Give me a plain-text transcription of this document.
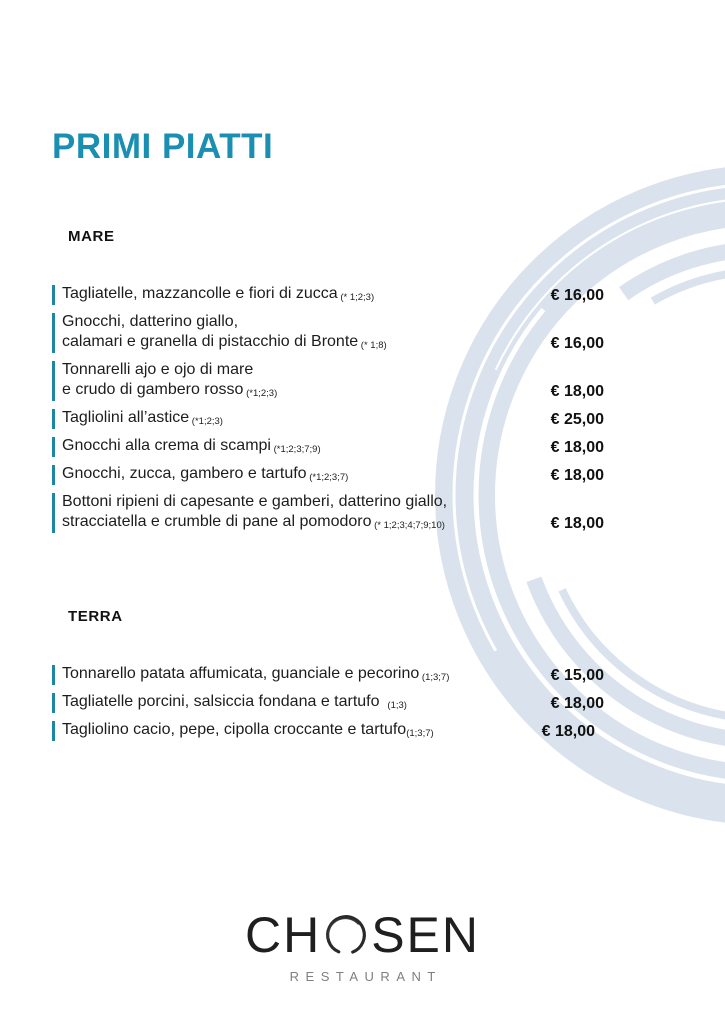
PRIMI PIATTI
MARE
Tagliatelle, mazzancolle e fiori di zucca (* 1;2;3)	€ 16,00
Gnocchi, datterino giallo,
calamari e granella di pistacchio di Bronte (* 1;8)	€ 16,00
Tonnarelli ajo e ojo di mare
e crudo di gambero rosso (*1;2;3)	€ 18,00
Tagliolini all’astice (*1;2;3)	€ 25,00
Gnocchi alla crema di scampi (*1;2;3;7;9)	€ 18,00
Gnocchi, zucca, gambero e tartufo (*1;2;3;7)	€ 18,00
Bottoni ripieni di capesante e gamberi, datterino giallo,
stracciatella e crumble di pane al pomodoro (* 1;2;3;4;7;9;10)	€ 18,00
TERRA
Tonnarello patata affumicata, guanciale e pecorino (1;3;7)	€ 15,00
Tagliatelle porcini, salsiccia fondana e tartufo   (1;3)	€ 18,00
Tagliolino cacio, pepe, cipolla croccante e tartufo(1;3;7)	€ 18,00
CH SEN
RESTAURANT
